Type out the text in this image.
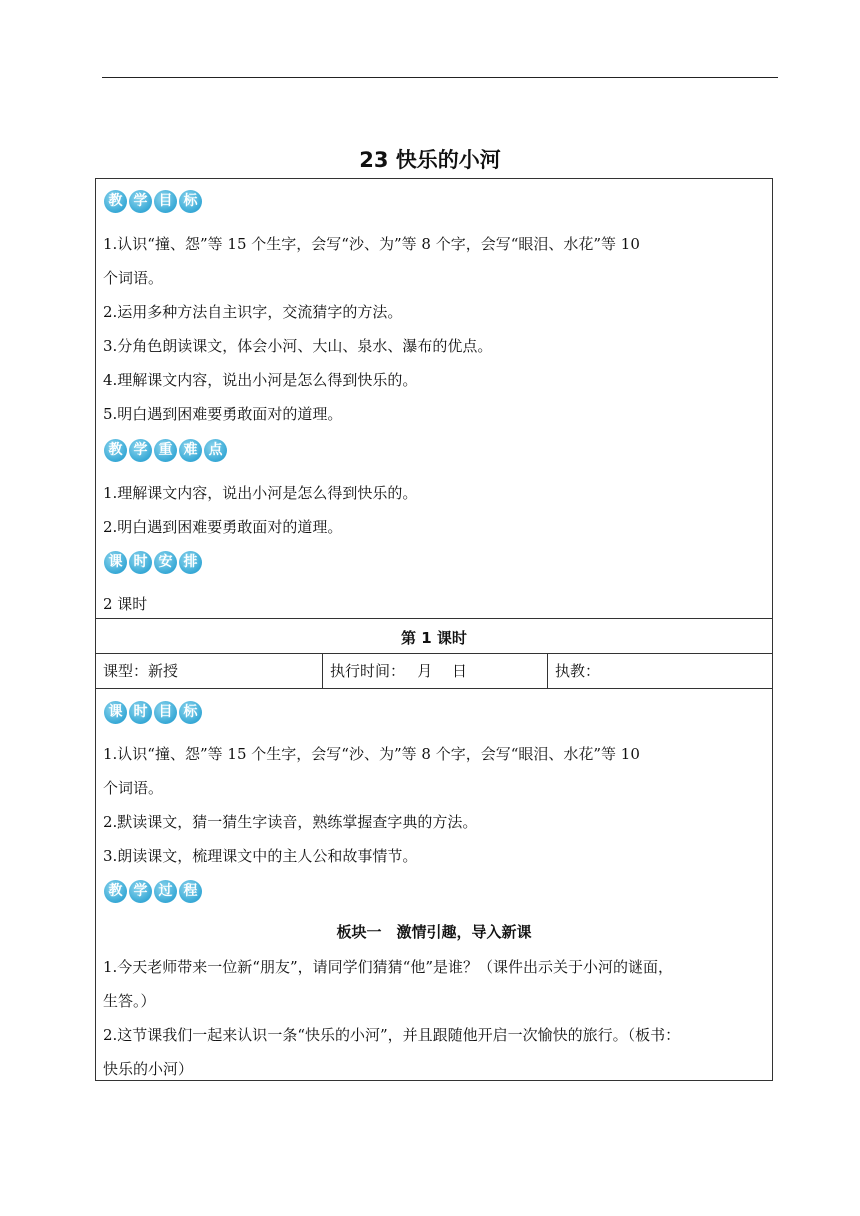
23 快乐的小河
教 学 目 标
1.认识“撞、怨”等 15 个生字，会写“沙、为”等 8 个字，会写“眼泪、水花”等 10
个词语。
2.运用多种方法自主识字，交流猜字的方法。
3.分角色朗读课文，体会小河、大山、泉水、瀑布的优点。
4.理解课文内容，说出小河是怎么得到快乐的。
5.明白遇到困难要勇敢面对的道理。
教 学 重 难 点
1.理解课文内容，说出小河是怎么得到快乐的。
2.明白遇到困难要勇敢面对的道理。
课 时 安 排
2 课时
第 1 课时
课型：新授	执行时间：　 月　 日	执教：
课 时 目 标
1.认识“撞、怨”等 15 个生字，会写“沙、为”等 8 个字，会写“眼泪、水花”等 10
个词语。
2.默读课文，猜一猜生字读音，熟练掌握查字典的方法。
3.朗读课文，梳理课文中的主人公和故事情节。
教 学 过 程
板块一　激情引趣，导入新课
1.今天老师带来一位新“朋友”，请同学们猜猜“他”是谁？（课件出示关于小河的谜面，
生答。）
2.这节课我们一起来认识一条“快乐的小河”，并且跟随他开启一次愉快的旅行。（板书：
快乐的小河）
